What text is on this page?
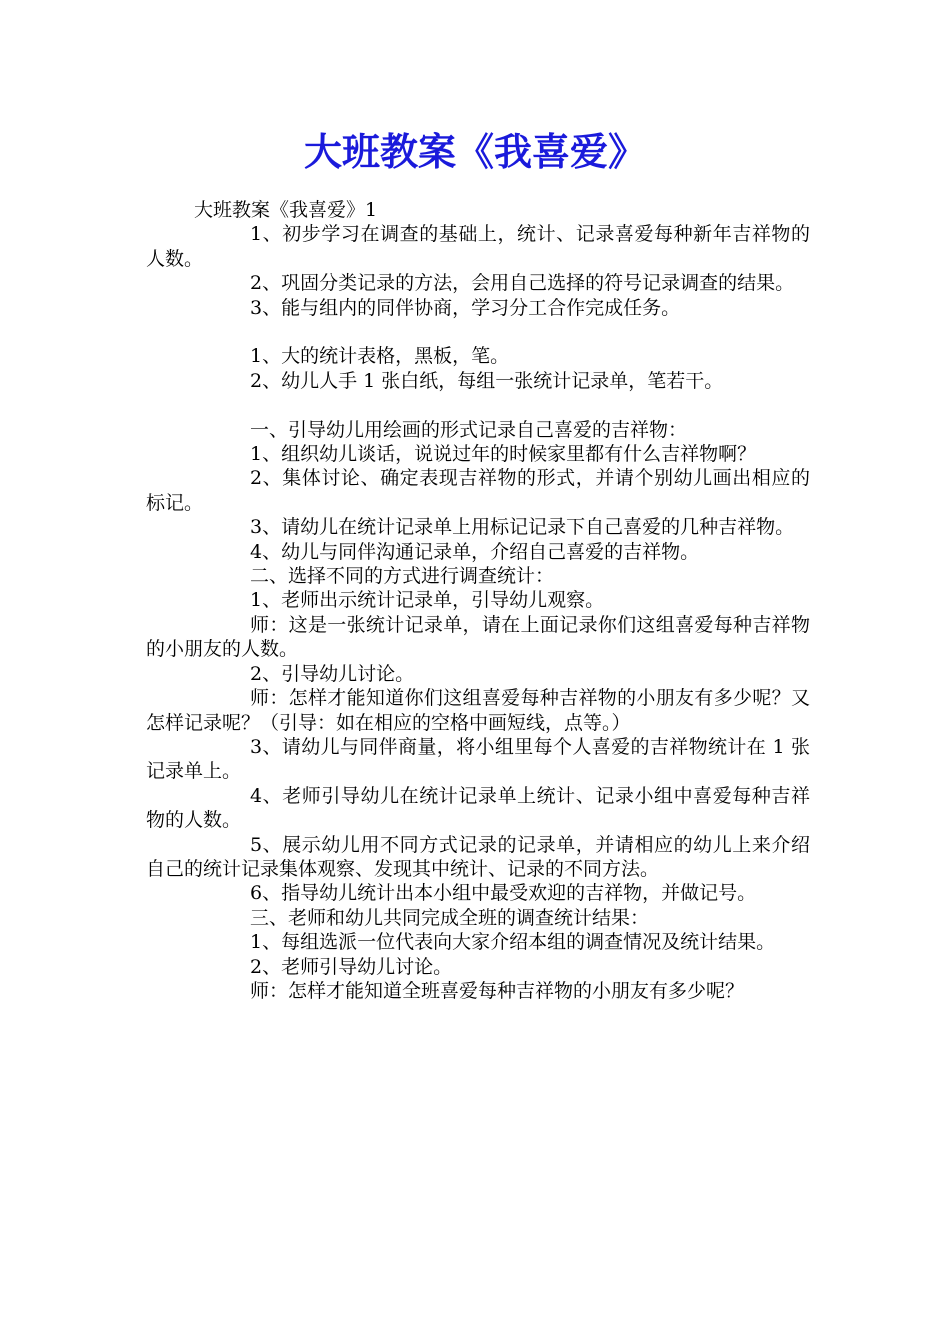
大班教案《我喜爱》

大班教案《我喜爱》1

1、初步学习在调查的基础上，统计、记录喜爱每种新年吉祥物的人数。

2、巩固分类记录的方法，会用自己选择的符号记录调查的结果。

3、能与组内的同伴协商，学习分工合作完成任务。

1、大的统计表格，黑板，笔。

2、幼儿人手 1 张白纸，每组一张统计记录单，笔若干。

一、引导幼儿用绘画的形式记录自己喜爱的吉祥物：

1、组织幼儿谈话，说说过年的时候家里都有什么吉祥物啊？

2、集体讨论、确定表现吉祥物的形式，并请个别幼儿画出相应的标记。

3、请幼儿在统计记录单上用标记记录下自己喜爱的几种吉祥物。

4、幼儿与同伴沟通记录单，介绍自己喜爱的吉祥物。

二、选择不同的方式进行调查统计：

1、老师出示统计记录单，引导幼儿观察。

师：这是一张统计记录单，请在上面记录你们这组喜爱每种吉祥物的小朋友的人数。

2、引导幼儿讨论。

师：怎样才能知道你们这组喜爱每种吉祥物的小朋友有多少呢？又怎样记录呢？（引导：如在相应的空格中画短线，点等。）

3、请幼儿与同伴商量，将小组里每个人喜爱的吉祥物统计在 1 张记录单上。

4、老师引导幼儿在统计记录单上统计、记录小组中喜爱每种吉祥物的人数。

5、展示幼儿用不同方式记录的记录单，并请相应的幼儿上来介绍自己的统计记录集体观察、发现其中统计、记录的不同方法。

6、指导幼儿统计出本小组中最受欢迎的吉祥物，并做记号。

三、老师和幼儿共同完成全班的调查统计结果：

1、每组选派一位代表向大家介绍本组的调查情况及统计结果。

2、老师引导幼儿讨论。

师：怎样才能知道全班喜爱每种吉祥物的小朋友有多少呢？
